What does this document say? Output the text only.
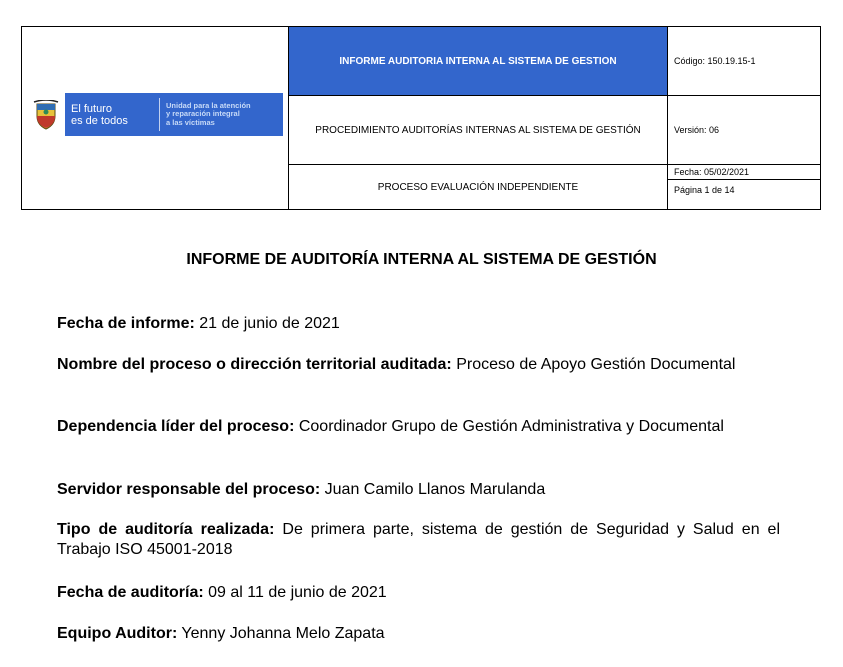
El futuro
es de todos
Unidad para la atención
y reparación integral
a las víctimas	INFORME AUDITORIA INTERNA AL SISTEMA DE GESTION	Código: 150.19.15-1
	PROCEDIMIENTO AUDITORÍAS INTERNAS AL SISTEMA DE GESTIÓN	Versión: 06
	PROCESO EVALUACIÓN INDEPENDIENTE	Fecha: 05/02/2021
Página 1 de 14
INFORME DE AUDITORÍA INTERNA AL SISTEMA DE GESTIÓN
Fecha de informe: 21 de junio de 2021
Nombre del proceso o dirección territorial auditada: Proceso de Apoyo Gestión Documental
Dependencia líder del proceso: Coordinador Grupo de Gestión Administrativa y Documental
Servidor responsable del proceso: Juan Camilo Llanos Marulanda
Tipo de auditoría realizada: De primera parte, sistema de gestión de Seguridad y Salud en el Trabajo ISO 45001-2018
Fecha de auditoría: 09 al 11 de junio de 2021
Equipo Auditor: Yenny Johanna Melo Zapata
